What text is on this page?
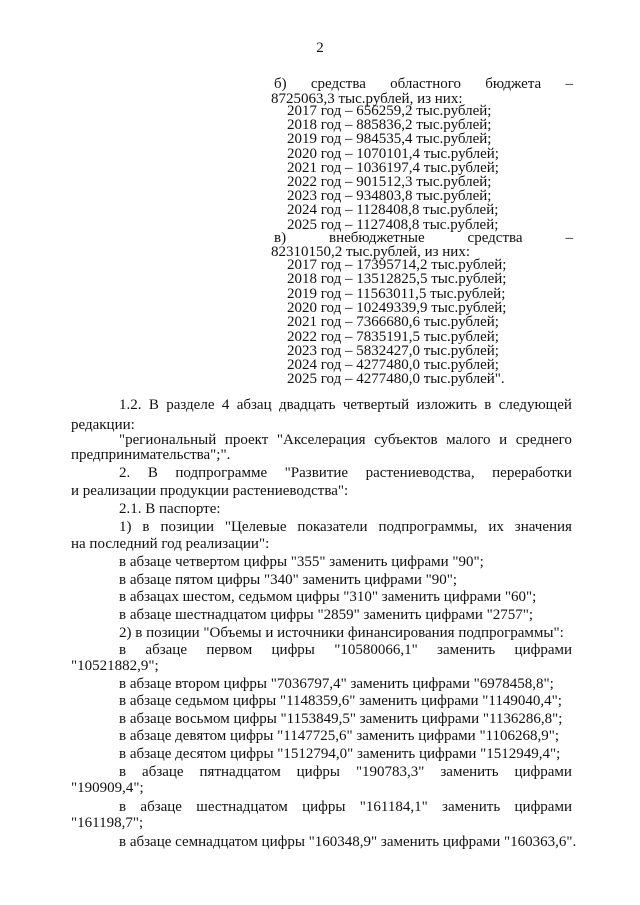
2
б) средства областного бюджета –
8725063,3 тыс.рублей, из них:
2017 год – 656259,2 тыс.рублей;
2018 год – 885836,2 тыс.рублей;
2019 год – 984535,4 тыс.рублей;
2020 год – 1070101,4 тыс.рублей;
2021 год – 1036197,4 тыс.рублей;
2022 год – 901512,3 тыс.рублей;
2023 год – 934803,8 тыс.рублей;
2024 год – 1128408,8 тыс.рублей;
2025 год – 1127408,8 тыс.рублей;
в)	внебюджетные	средства	–
82310150,2 тыс.рублей, из них:
2017 год – 17395714,2 тыс.рублей;
2018 год – 13512825,5 тыс.рублей;
2019 год – 11563011,5 тыс.рублей;
2020 год – 10249339,9 тыс.рублей;
2021 год – 7366680,6 тыс.рублей;
2022 год – 7835191,5 тыс.рублей;
2023 год – 5832427,0 тыс.рублей;
2024 год – 4277480,0 тыс.рублей;
2025 год – 4277480,0 тыс.рублей".
1.2. В разделе 4 абзац двадцать четвертый изложить в следующей
редакции:
"региональный проект "Акселерация субъектов малого и среднего
предпринимательства";".
2. В подпрограмме "Развитие растениеводства, переработки
и реализации продукции растениеводства":
2.1. В паспорте:
1) в позиции "Целевые показатели подпрограммы, их значения
на последний год реализации":
в абзаце четвертом цифры "355" заменить цифрами "90";
в абзаце пятом цифры "340" заменить цифрами "90";
в абзацах шестом, седьмом цифры "310" заменить цифрами "60";
в абзаце шестнадцатом цифры "2859" заменить цифрами "2757";
2) в позиции "Объемы и источники финансирования подпрограммы":
в абзаце первом цифры "10580066,1" заменить цифрами
"10521882,9";
в абзаце втором цифры "7036797,4" заменить цифрами "6978458,8";
в абзаце седьмом цифры "1148359,6" заменить цифрами "1149040,4";
в абзаце восьмом цифры "1153849,5" заменить цифрами "1136286,8";
в абзаце девятом цифры "1147725,6" заменить цифрами "1106268,9";
в абзаце десятом цифры "1512794,0" заменить цифрами "1512949,4";
в абзаце пятнадцатом цифры "190783,3" заменить цифрами
"190909,4";
в абзаце шестнадцатом цифры "161184,1" заменить цифрами
"161198,7";
в абзаце семнадцатом цифры "160348,9" заменить цифрами "160363,6".
